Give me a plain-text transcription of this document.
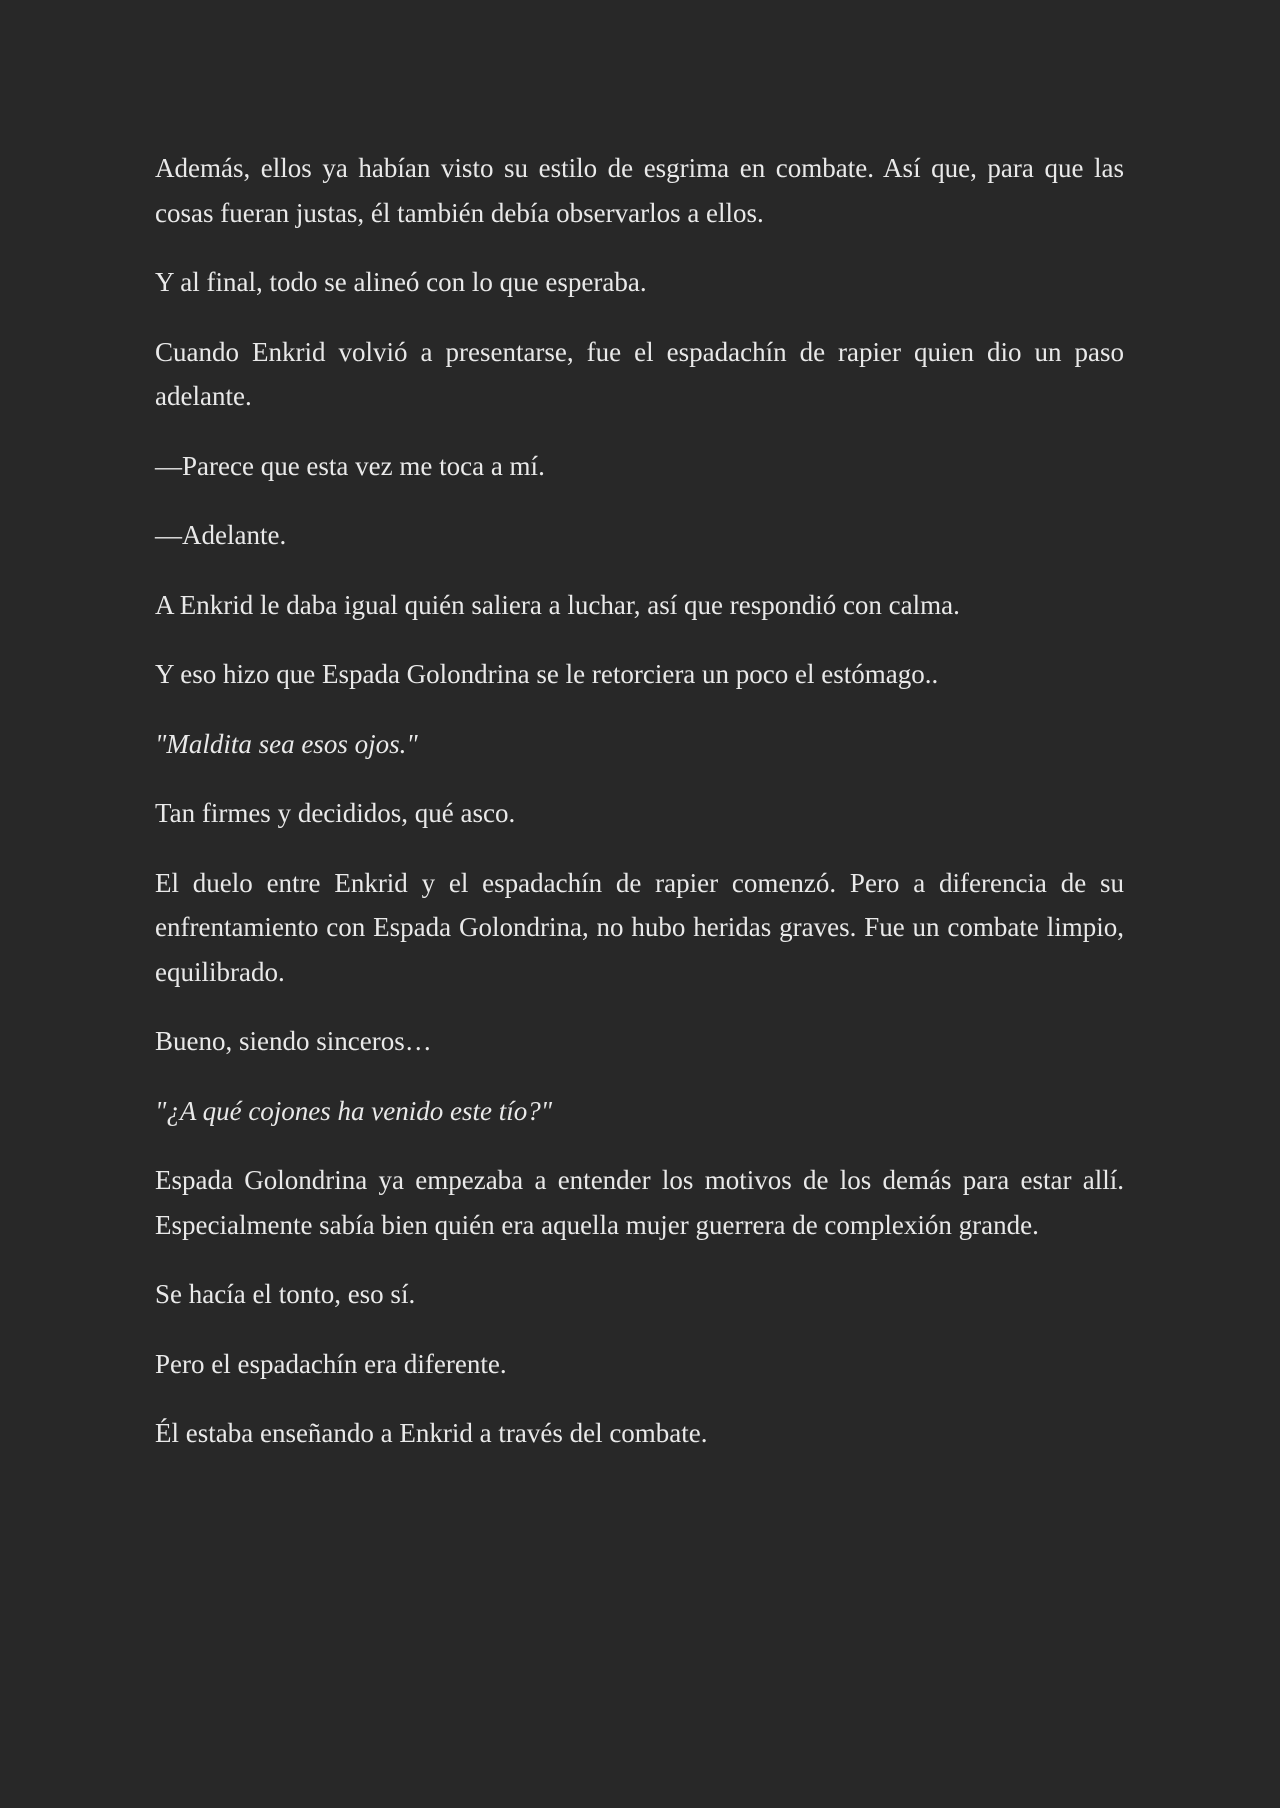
Además, ellos ya habían visto su estilo de esgrima en combate. Así que, para que las cosas fueran justas, él también debía observarlos a ellos.

Y al final, todo se alineó con lo que esperaba.

Cuando Enkrid volvió a presentarse, fue el espadachín de rapier quien dio un paso adelante.

—Parece que esta vez me toca a mí.

—Adelante.

A Enkrid le daba igual quién saliera a luchar, así que respondió con calma.

Y eso hizo que Espada Golondrina se le retorciera un poco el estómago..

"Maldita sea esos ojos."

Tan firmes y decididos, qué asco.

El duelo entre Enkrid y el espadachín de rapier comenzó. Pero a diferencia de su enfrentamiento con Espada Golondrina, no hubo heridas graves. Fue un combate limpio, equilibrado.

Bueno, siendo sinceros…

"¿A qué cojones ha venido este tío?"

Espada Golondrina ya empezaba a entender los motivos de los demás para estar allí. Especialmente sabía bien quién era aquella mujer guerrera de complexión grande.

Se hacía el tonto, eso sí.

Pero el espadachín era diferente.

Él estaba enseñando a Enkrid a través del combate.
